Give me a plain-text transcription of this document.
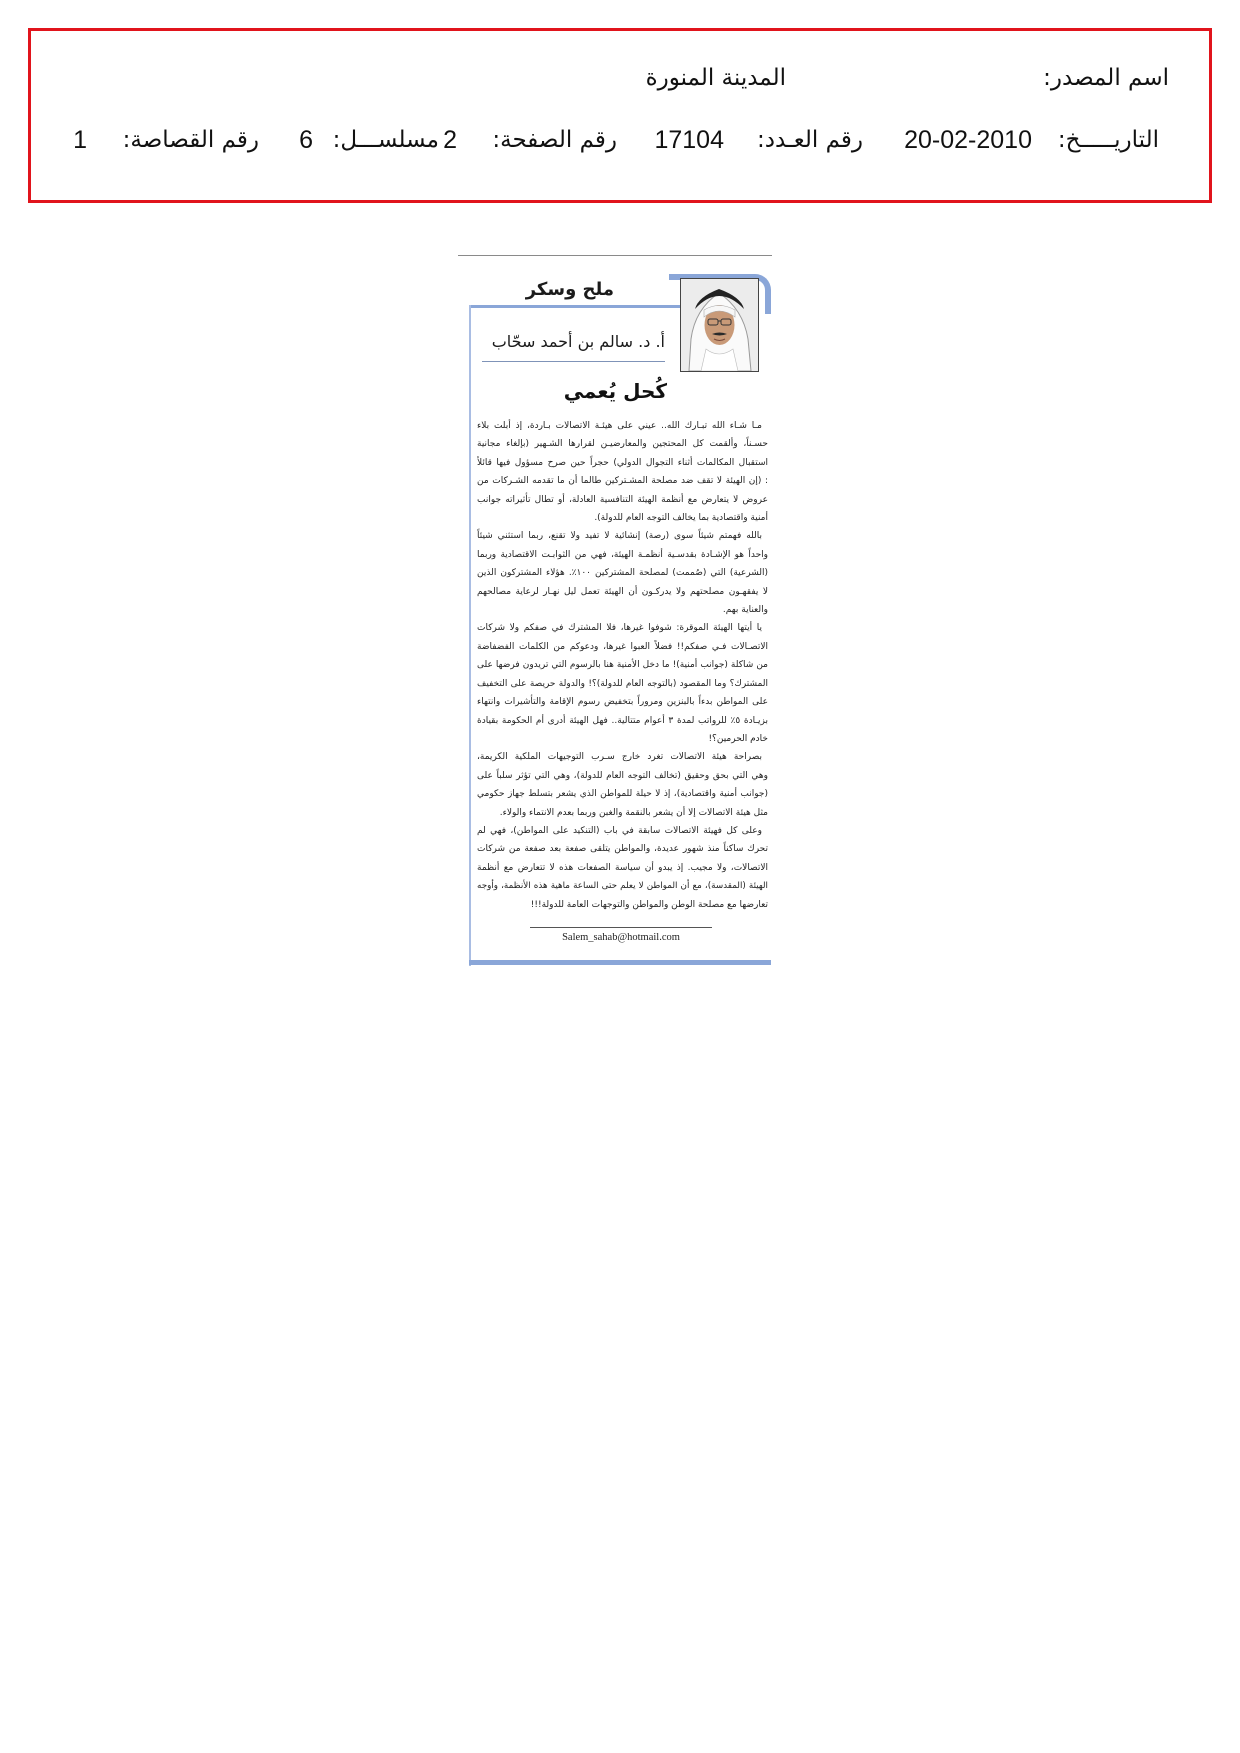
اسم المصدر:
المدينة المنورة
التاريـــــخ:
20-02-2010
رقم العـدد:
17104
رقم الصفحة:
2
مسلســـل:
6
رقم القصاصة:
1
ملح وسكر
أ. د. سالم بن أحمد سحّاب
كُحل يُعمي
مـا شـاء الله تبـارك الله.. عيني على هيئـة الاتصالات بـاردة، إذ أبلت بلاء
حسـناً، وألقمت كل المحتجين والمعارضيـن لقرارها الشـهير (بإلغاء مجانية
استقبال المكالمات أثناء التجوال الدولي) حجراً حين صرح مسؤول فيها قائلاً
: (إن الهيئة لا تقف ضد مصلحة المشـتركين طالما أن ما تقدمه الشـركات من
عروض لا يتعارض مع أنظمة الهيئة التنافسية العادلة، أو تطال تأثيراته جوانب
أمنية واقتصادية بما يخالف التوجه العام للدولة).
بالله فهمتم شيئاً سوى (رصة) إنشائية لا تفيد ولا تقنع، ربما استثني شيئاً
واحداً هو الإشـادة بقدسـية أنظمـة الهيئة، فهي من الثوابـت الاقتصادية وربما
(الشرعية) التي (صُممت) لمصلحة المشتركين ١٠٠٪. هؤلاء المشتركون الذين
لا يفقهـون مصلحتهم ولا يدركـون أن الهيئة تعمل ليل نهـار لرعاية مصالحهم
والعناية بهم.
يا أيتها الهيئة الموقرة: شوفوا غيرها، فلا المشترك في صفكم ولا شركات
الاتصـالات فـي صفكم!! فضلاً العبوا غيرها، ودعوكم من الكلمات الفضفاضة
من شاكلة (جوانب أمنية)! ما دخل الأمنية هنا بالرسوم التي تريدون فرضها على
المشترك؟ وما المقصود (بالتوجه العام للدولة)؟! والدولة حريصة على التخفيف
على المواطن بدءاً بالبنزين ومروراً بتخفيض رسوم الإقامة والتأشيرات وانتهاء
بزيـادة ٥٪ للرواتب لمدة ٣ أعوام متتالية.. فهل الهيئة أدرى أم الحكومة بقيادة
خادم الحرمين؟!
بصراحة هيئة الاتصالات تغرد خارج سـرب التوجيهات الملكية الكريمة،
وهي التي بحق وحقيق (تخالف التوجه العام للدولة)، وهي التي تؤثر سلباً على
(جوانب أمنية واقتصادية)، إذ لا حيلة للمواطن الذي يشعر بتسلط جهاز حكومي
مثل هيئة الاتصالات إلا أن يشعر بالنقمة والغبن وربما بعدم الانتماء والولاء.
وعلى كل فهيئة الاتصالات سابقة في باب (التنكيد على المواطن)، فهي لم
تحرك ساكناً منذ شهور عديدة، والمواطن يتلقى صفعة بعد صفعة من شركات
الاتصالات، ولا مجيب. إذ يبدو أن سياسة الصفعات هذه لا تتعارض مع أنظمة
الهيئة (المقدسة)، مع أن المواطن لا يعلم حتى الساعة ماهية هذه الأنظمة، وأوجه
تعارضها مع مصلحة الوطن والمواطن والتوجهات العامة للدولة!!!
Salem_sahab@hotmail.com
